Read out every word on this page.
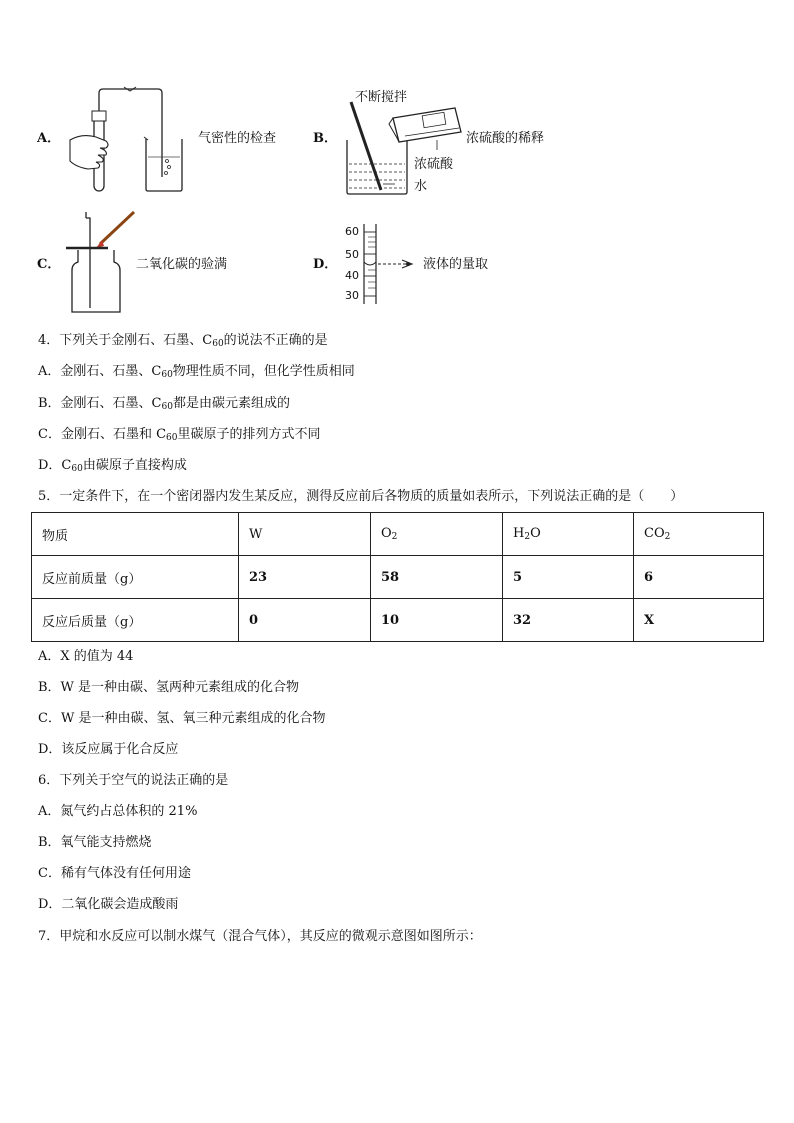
A．	气密性的检查	B．
不断搅拌
浓硫酸
水
浓硫酸的稀释
C．	二氧化碳的验满	D．
60
50
40
30
液体的量取
4．下列关于金刚石、石墨、$C_{60}$的说法不正确的是
A．金刚石、石墨、$C_{60}$物理性质不同，但化学性质相同
B．金刚石、石墨、$C_{60}$都是由碳元素组成的
C．金刚石、石墨和 $C_{60}$里碳原子的排列方式不同
D．$C_{60}$由碳原子直接构成
5．一定条件下，在一个密闭器内发生某反应，测得反应前后各物质的质量如表所示，下列说法正确的是（　　）
物质	W	$O_2$	$H_2O$	$CO_2$
反应前质量（g）	23	58	5	6
反应后质量（g）	0	10	32	X
A．X 的值为 44
B．W 是一种由碳、氢两种元素组成的化合物
C．W 是一种由碳、氢、氧三种元素组成的化合物
D．该反应属于化合反应
6．下列关于空气的说法正确的是
A．氮气约占总体积的 21%
B．氧气能支持燃烧
C．稀有气体没有任何用途
D．二氧化碳会造成酸雨
7．甲烷和水反应可以制水煤气（混合气体），其反应的微观示意图如图所示：
